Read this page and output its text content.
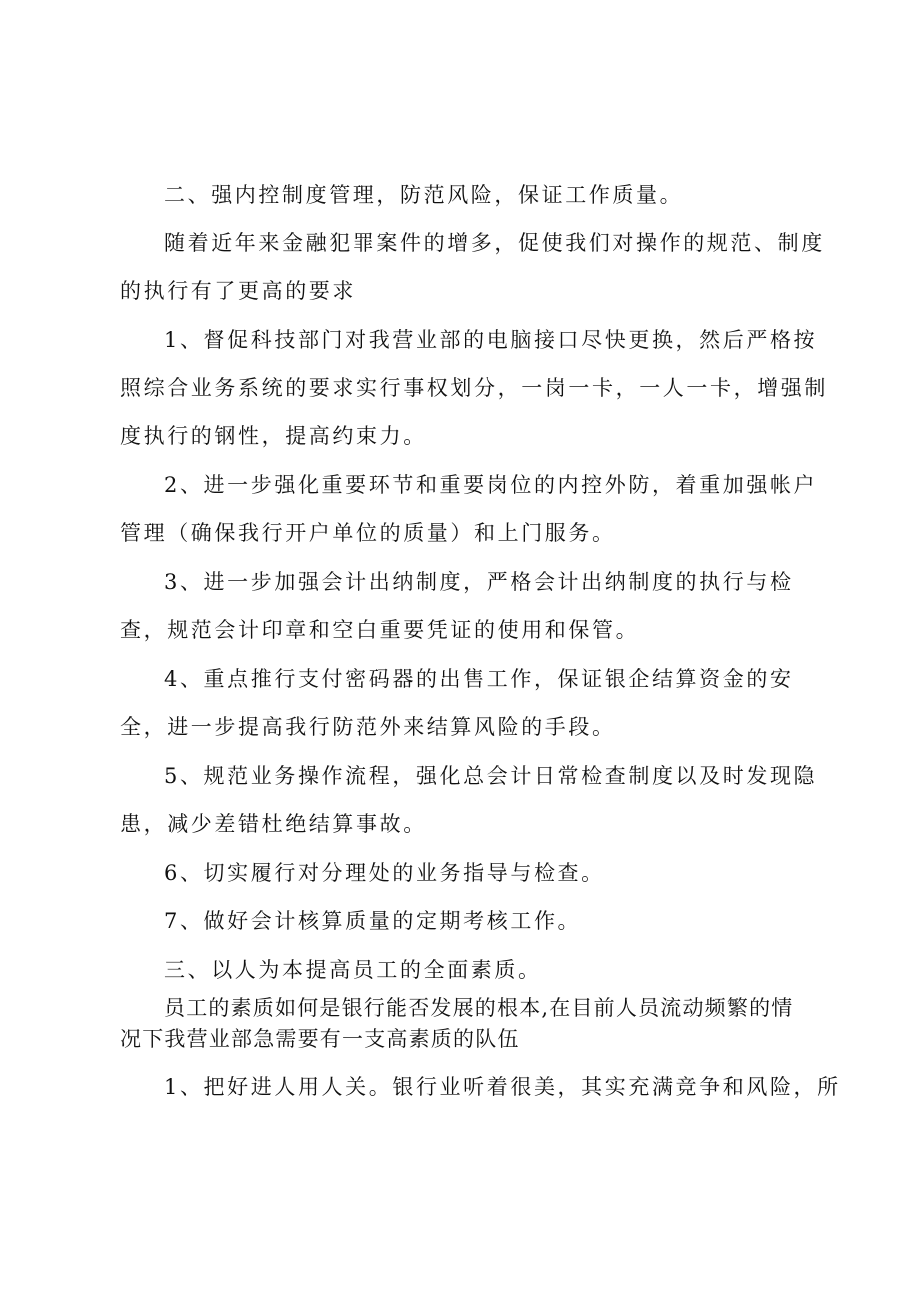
二、强内控制度管理，防范风险，保证工作质量。
随着近年来金融犯罪案件的增多，促使我们对操作的规范、制度
的执行有了更高的要求
1、督促科技部门对我营业部的电脑接口尽快更换，然后严格按
照综合业务系统的要求实行事权划分，一岗一卡，一人一卡，增强制
度执行的钢性，提高约束力。
2、进一步强化重要环节和重要岗位的内控外防，着重加强帐户
管理（确保我行开户单位的质量）和上门服务。
3、进一步加强会计出纳制度，严格会计出纳制度的执行与检
查，规范会计印章和空白重要凭证的使用和保管。
4、重点推行支付密码器的出售工作，保证银企结算资金的安
全，进一步提高我行防范外来结算风险的手段。
5、规范业务操作流程，强化总会计日常检查制度以及时发现隐
患，减少差错杜绝结算事故。
6、切实履行对分理处的业务指导与检查。
7、做好会计核算质量的定期考核工作。
三、以人为本提高员工的全面素质。
员工的素质如何是银行能否发展的根本,在目前人员流动频繁的情
况下我营业部急需要有一支高素质的队伍
1、把好进人用人关。银行业听着很美，其实充满竞争和风险，所
